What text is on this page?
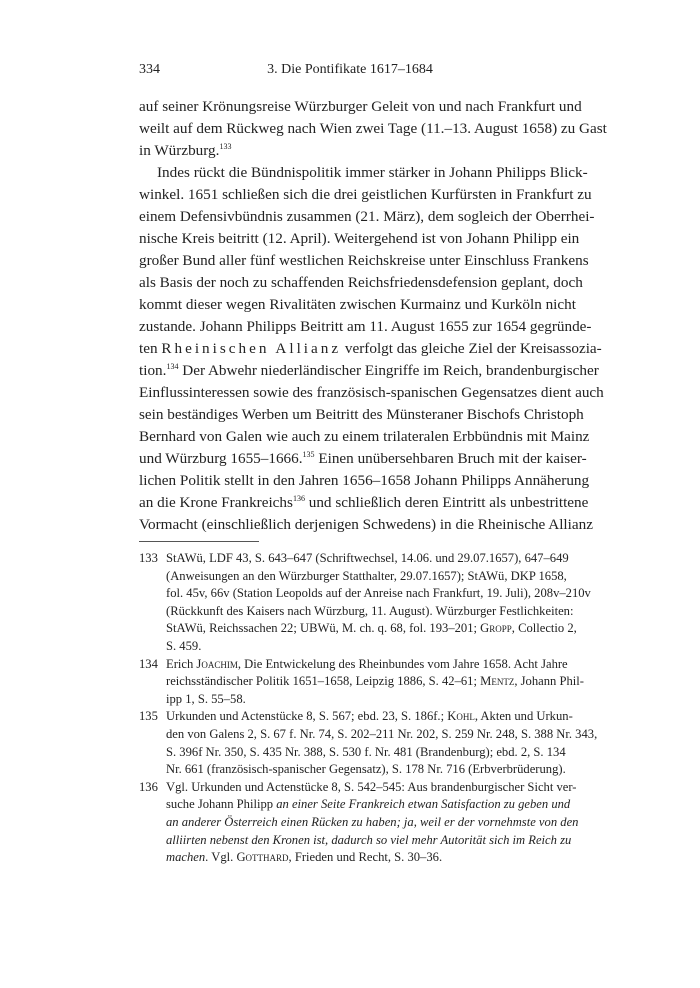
334	3. Die Pontifikate 1617–1684
auf seiner Krönungsreise Würzburger Geleit von und nach Frankfurt und
weilt auf dem Rückweg nach Wien zwei Tage (11.–13. August 1658) zu Gast
in Würzburg.$^{133}$
Indes rückt die Bündnispolitik immer stärker in Johann Philipps Blick-
winkel. 1651 schließen sich die drei geistlichen Kurfürsten in Frankfurt zu
einem Defensivbündnis zusammen (21. März), dem sogleich der Oberrhei-
nische Kreis beitritt (12. April). Weitergehend ist von Johann Philipp ein
großer Bund aller fünf westlichen Reichskreise unter Einschluss Frankens
als Basis der noch zu schaffenden Reichsfriedensdefension geplant, doch
kommt dieser wegen Rivalitäten zwischen Kurmainz und Kurköln nicht
zustande. Johann Philipps Beitritt am 11. August 1655 zur 1654 gegründe-
ten Rheinischen Allianz verfolgt das gleiche Ziel der Kreisassozia-
tion.$^{134}$ Der Abwehr niederländischer Eingriffe im Reich, brandenburgischer
Einflussinteressen sowie des französisch-spanischen Gegensatzes dient auch
sein beständiges Werben um Beitritt des Münsteraner Bischofs Christoph
Bernhard von Galen wie auch zu einem trilateralen Erbbündnis mit Mainz
und Würzburg 1655–1666.$^{135}$ Einen unübersehbaren Bruch mit der kaiser-
lichen Politik stellt in den Jahren 1656–1658 Johann Philipps Annäherung
an die Krone Frankreichs$^{136}$ und schließlich deren Eintritt als unbestrittene
Vormacht (einschließlich derjenigen Schwedens) in die Rheinische Allianz
133 StAWü, LDF 43, S. 643–647 (Schriftwechsel, 14.06. und 29.07.1657), 647–649
(Anweisungen an den Würzburger Statthalter, 29.07.1657); StAWü, DKP 1658,
fol. 45v, 66v (Station Leopolds auf der Anreise nach Frankfurt, 19. Juli), 208v–210v
(Rückkunft des Kaisers nach Würzburg, 11. August). Würzburger Festlichkeiten:
StAWü, Reichssachen 22; UBWü, M. ch. q. 68, fol. 193–201; Gropp, Collectio 2,
S. 459.
134 Erich Joachim, Die Entwickelung des Rheinbundes vom Jahre 1658. Acht Jahre
reichsständischer Politik 1651–1658, Leipzig 1886, S. 42–61; Mentz, Johann Phil-
ipp 1, S. 55–58.
135 Urkunden und Actenstücke 8, S. 567; ebd. 23, S. 186f.; Kohl, Akten und Urkun-
den von Galens 2, S. 67 f. Nr. 74, S. 202–211 Nr. 202, S. 259 Nr. 248, S. 388 Nr. 343,
S. 396f Nr. 350, S. 435 Nr. 388, S. 530 f. Nr. 481 (Brandenburg); ebd. 2, S. 134
Nr. 661 (französisch-spanischer Gegensatz), S. 178 Nr. 716 (Erbverbrüderung).
136 Vgl. Urkunden und Actenstücke 8, S. 542–545: Aus brandenburgischer Sicht ver-
suche Johann Philipp an einer Seite Frankreich etwan Satisfaction zu geben und
an anderer Österreich einen Rücken zu haben; ja, weil er der vornehmste von den
alliirten nebenst den Kronen ist, dadurch so viel mehr Autorität sich im Reich zu
machen. Vgl. Gotthard, Frieden und Recht, S. 30–36.
